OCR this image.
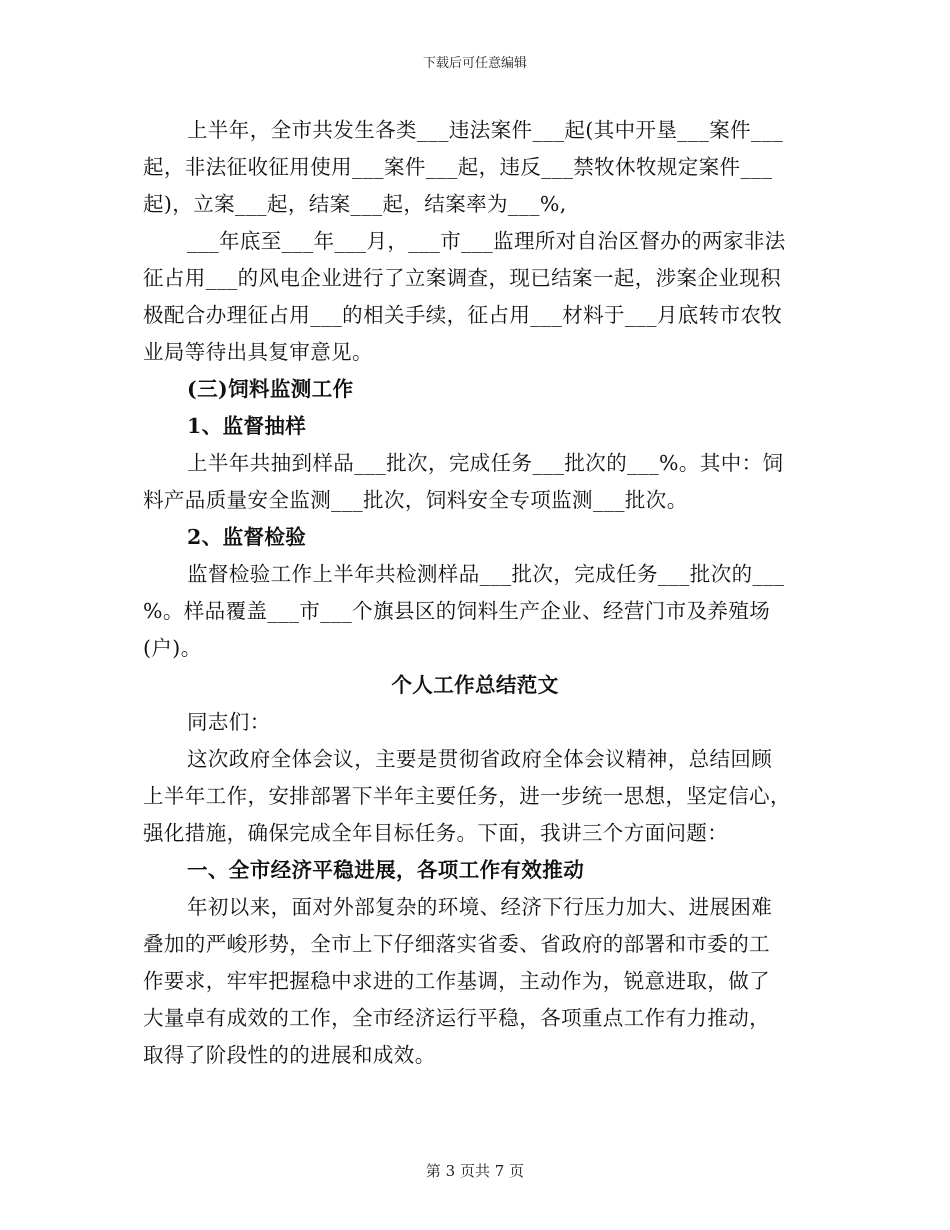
下载后可任意编辑
上半年，全市共发生各类___违法案件___起(其中开垦___案件___
起，非法征收征用使用___案件___起，违反___禁牧休牧规定案件___
起)，立案___起，结案___起，结案率为___%,
___年底至___年___月，___市___监理所对自治区督办的两家非法
征占用___的风电企业进行了立案调查，现已结案一起，涉案企业现积
极配合办理征占用___的相关手续，征占用___材料于___月底转市农牧
业局等待出具复审意见。
(三)饲料监测工作
1、监督抽样
上半年共抽到样品___批次，完成任务___批次的___%。其中：饲
料产品质量安全监测___批次，饲料安全专项监测___批次。
2、监督检验
监督检验工作上半年共检测样品___批次，完成任务___批次的___
%。样品覆盖___市___个旗县区的饲料生产企业、经营门市及养殖场
(户)。
个人工作总结范文
同志们：
这次政府全体会议，主要是贯彻省政府全体会议精神，总结回顾
上半年工作，安排部署下半年主要任务，进一步统一思想，坚定信心，
强化措施，确保完成全年目标任务。下面，我讲三个方面问题：
一、全市经济平稳进展，各项工作有效推动
年初以来，面对外部复杂的环境、经济下行压力加大、进展困难
叠加的严峻形势，全市上下仔细落实省委、省政府的部署和市委的工
作要求，牢牢把握稳中求进的工作基调，主动作为，锐意进取，做了
大量卓有成效的工作，全市经济运行平稳，各项重点工作有力推动，
取得了阶段性的的进展和成效。
第 3 页共 7 页
